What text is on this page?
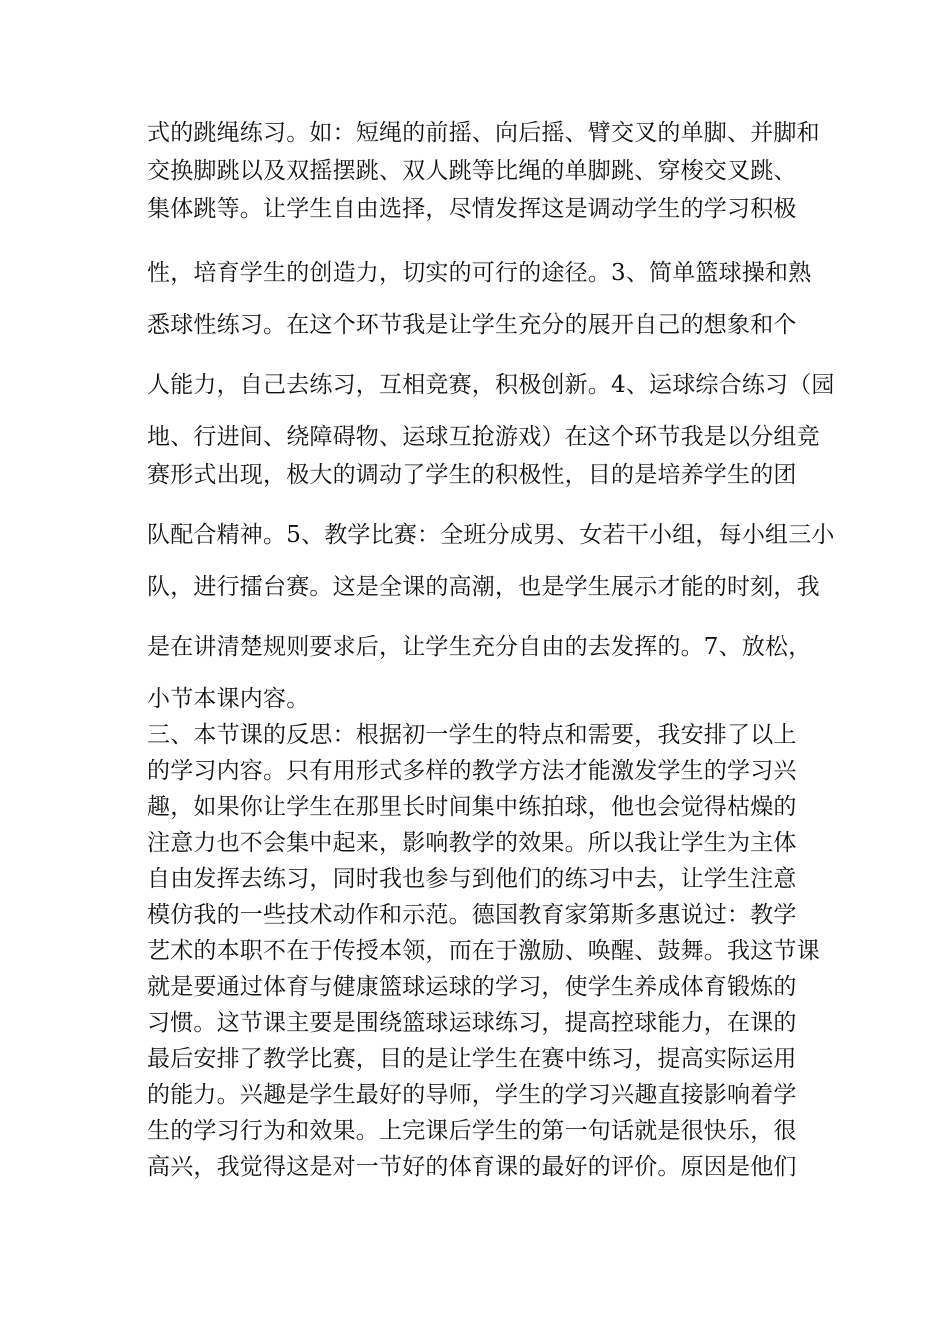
式的跳绳练习。如：短绳的前摇、向后摇、臂交叉的单脚、并脚和
交换脚跳以及双摇摆跳、双人跳等比绳的单脚跳、穿梭交叉跳、
集体跳等。让学生自由选择，尽情发挥这是调动学生的学习积极
性，培育学生的创造力，切实的可行的途径。3、简单篮球操和熟
悉球性练习。在这个环节我是让学生充分的展开自己的想象和个
人能力，自己去练习，互相竞赛，积极创新。4、运球综合练习（园
地、行进间、绕障碍物、运球互抢游戏）在这个环节我是以分组竞
赛形式出现，极大的调动了学生的积极性，目的是培养学生的团
队配合精神。5、教学比赛：全班分成男、女若干小组，每小组三小
队，进行擂台赛。这是全课的高潮，也是学生展示才能的时刻，我
是在讲清楚规则要求后，让学生充分自由的去发挥的。7、放松，
小节本课内容。
三、本节课的反思：根据初一学生的特点和需要，我安排了以上
的学习内容。只有用形式多样的教学方法才能激发学生的学习兴
趣，如果你让学生在那里长时间集中练拍球，他也会觉得枯燥的
注意力也不会集中起来，影响教学的效果。所以我让学生为主体
自由发挥去练习，同时我也参与到他们的练习中去，让学生注意
模仿我的一些技术动作和示范。德国教育家第斯多惠说过：教学
艺术的本职不在于传授本领，而在于激励、唤醒、鼓舞。我这节课
就是要通过体育与健康篮球运球的学习，使学生养成体育锻炼的
习惯。这节课主要是围绕篮球运球练习，提高控球能力，在课的
最后安排了教学比赛，目的是让学生在赛中练习，提高实际运用
的能力。兴趣是学生最好的导师，学生的学习兴趣直接影响着学
生的学习行为和效果。上完课后学生的第一句话就是很快乐，很
高兴，我觉得这是对一节好的体育课的最好的评价。原因是他们
